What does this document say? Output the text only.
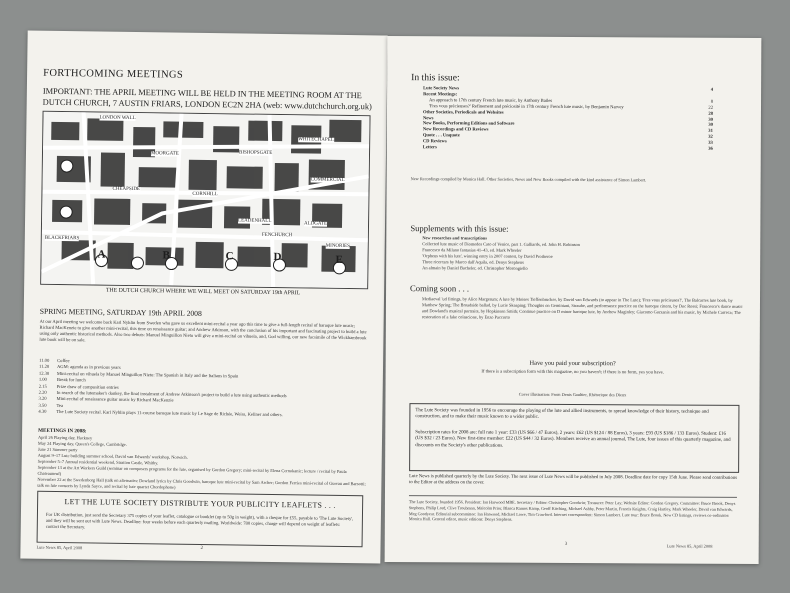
FORTHCOMING MEETINGS
IMPORTANT: THE APRIL MEETING WILL BE HELD IN THE MEETING ROOM AT THE DUTCH CHURCH, 7 AUSTIN FRIARS, LONDON EC2N 2HA (web: www.dutchchurch.org.uk)
LONDON WALL
WHITECHAPEL
COMMERCIAL
BLACKFRIARS
CORNHILL
LEADENHALL
ALDGATE
MOORGATE
CHEAPSIDE
BISHOPSGATE
MINORIES
FENCHURCH
A	B	C	D	E
THE DUTCH CHURCH WHERE WE WILL MEET ON SATURDAY 19th APRIL
SPRING MEETING, SATURDAY 19th APRIL 2008
At our April meeting we welcome back Karl Nyhlin from Sweden who gave us excellent mini-recital a year ago this time to give a full-length recital of baroque lute music; Richard MacKenzie to give another mini-recital, this time on renaissance guitar; and Andrew Atkinson, with the conclusion of his important and fascinating project to build a lute using only authentic historical methods. Also two debuts: Manuel Minguillon Nieto will give a mini-recital on vihuela, and, God willing, our new facsimile of the Wickhambrook lute book will be on sale.
11.00 Coffee
11.20 AGM: agenda as in previous years
12.30 Mini-recital on vihuela by Manuel Minguillon Nieto: The Spanish in Italy and the Italians in Spain
1.00 Break for lunch
2.15 Prize draw of composition entries
2.20 In search of the lutemaker's donkey, the final instalment of Andrew Atkinson's project to build a lute using authentic methods
3.20 Mini-recital of renaissance guitar music by Richard MacKenzie
3.50 Tea
4.30 The Lute Society recital. Karl Nyhlin plays 11-course baroque lute music by Le Sage de Richée, Weiss, Kellner and others.
MEETINGS IN 2008:
April 26 Playing day, Hackney
May 24 Playing day, Queen's College, Cambridge.
June 21 Summer party
August 9–17 Lute building summer school, David van Edwards' workshop, Norwich.
September 5–7 Annual residential weekend, Stratton Castle, Whitby.
September 13 at the Art Workers Guild (seminar on composers programs for the lute, organised by Gordon Gregory; mini-recital by Elena Cernokanic; lecture / recital by Paula Chateauneuf)
November 22 at the Swedenborg Hall (talk on alternative Dowland lyrics by Chris Goodwin, baroque lute mini-recital by Sam Archer; Gordon Ferries mini-recital of Guerau and Barsotti; talk on lute consorts by Lynda Sayce, and recital by lute quartet Chordophone)
LET THE LUTE SOCIETY DISTRIBUTE YOUR PUBLICITY LEAFLETS . . .
For UK distribution, just send the Secretary 375 copies of your leaflet, catalogue or booklet (up to 50g in weight), with a cheque for £55, payable to 'The Lute Society', and they will be sent out with Lute News. Deadline: four weeks before each quarterly mailing. Worldwide: 780 copies, charge will depend on weight of leaflets: contact the Secretary.
Lute News 85, April 2008	2
In this issue:
Lute Society News	4
Recent Meetings:
An approach to 17th century French lute music, by Anthony Bailes	8
'Fres vous précieuses?' Refinement and préciosité in 17th century French lute music, by Benjamin Narvey	22
Other Societies, Periodicals and Websites	28
News	30
New Books, Performing Editions and Software	30
New Recordings and CD Reviews	31
Quote . . . Unquote	32
CD Reviews	33
Letters	36
New Recordings compiled by Monica Hall. Other Societies, News and New Books compiled with the kind assistance of Simon Lambert.
Supplements with this issue:
New researches and transcriptions
Collected lute music of Diomedes Cato of Venice, part 1. Galliards, ed. John H. Robinson
Francesco da Milano fantasias 41–43, ed. Mark Wheeler
'Orpheus with his lute', winning entry in 2007 contest, by David Protheroe
Three ricercars by Marco dall'Aquila, ed. Denys Stephens
An almain by Daniel Bacheler, ed. Christopher Morongiello
Coming soon . . .
Mediaeval 'ud fittings, by Alice Margerum; A lute by Moises Tieffenbrucker, by David van Edwards (to appear in The Lute); 'Fres vous précieuses?', The Balcarres lute book, by Matthew Spring; The Broadside ballad, by Lucie Skeaping; Thoughts on Geminiani, Straube, and performance practice on the baroque cittern, by Doc Rossi; Francesco's dance music and Dowland's musical portraits, by Hopkinson Smith; Continue practice on D minor baroque lute, by Andrew Maginley; Giacomo Gorzanis and his music, by Michele Carreca; The restoration of a fake colascione, by Enzo Paccorto
Have you paid your subscription?
If there is a subscription form with this magazine, no you haven't; if there is no form, yes you have.
Cover illustration: From Denis Gaultier, Rhétorique des Dieux

The Lute Society was founded in 1956 to encourage the playing of the lute and allied instruments, to spread knowledge of their history, technique and construction, and to make their music known to a wider public.

Subscription rates for 2008 are: full rate 1 year: £33 (US $66 / 47 Euros), 2 years: £62 (US $124 / 88 Euros), 3 years: £93 (US $186 / 133 Euros). Student: £16 (US $32 / 23 Euros). New first-time member: £22 (US $44 / 32 Euros). Members receive an annual journal, The Lute, four issues of this quarterly magazine, and discounts on the Society's other publications.

Lute News is published quarterly by the Lute Society. The next issue of Lute News will be published in July 2008. Deadline date for copy 15th June. Please send contributions to the Editor at the address on the cover.
The Lute Society, founded 1956. President: Ian Harwood MBE. Secretary / Editor: Christopher Goodwin; Treasurer: Peter Lay; Website Editor: Gordon Gregory. Committee: Bruce Brook, Denys Stephens, Philip Lord, Clive Troubman, Malcolm Prior, Blanca Ramos Kamp, Geoff Kitching, Michael Ashby, Peter Martin, Francis Knights, Craig Hartley, Mark Wheeler, David van Edwards, Meg Goodyear. Editorial subcommittee: Ian Harwood, Michael Lowe, Tim Crawford. Internet correspondent: Simon Lambert. Lute tour: Bruce Brook. New CD listings, reviews co-ordinator: Monica Hall. General editor, music editions: Denys Stephens.
3	Lute News 85, April 2008
